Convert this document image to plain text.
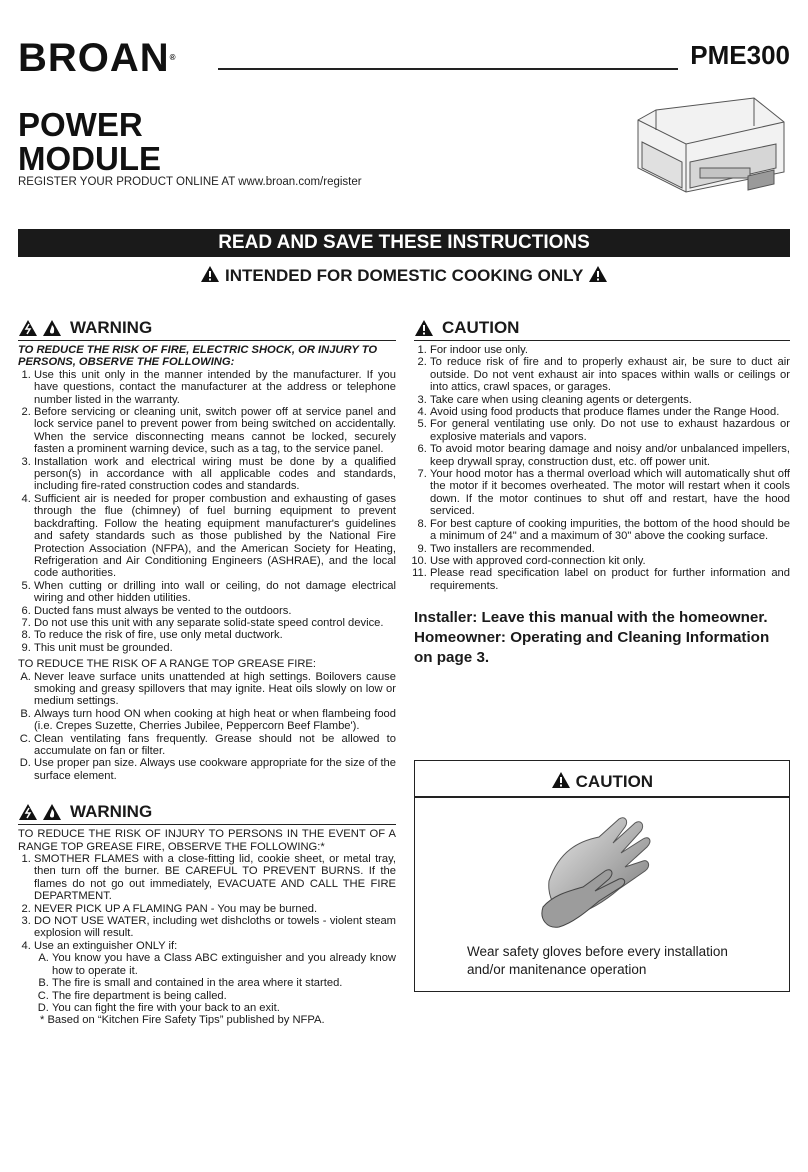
BROAN®	PME300
POWER
MODULE
REGISTER YOUR PRODUCT ONLINE AT www.broan.com/register
READ AND SAVE THESE INSTRUCTIONS
INTENDED FOR DOMESTIC COOKING ONLY
WARNING
TO REDUCE THE RISK OF FIRE, ELECTRIC SHOCK, OR INJURY TO PERSONS, OBSERVE THE FOLLOWING:
1. Use this unit only in the manner intended by the manufacturer. If you have questions, contact the manufacturer at the address or telephone number listed in the warranty.
2. Before servicing or cleaning unit, switch power off at service panel and lock service panel to prevent power from being switched on accidentally. When the service disconnecting means cannot be locked, securely fasten a prominent warning device, such as a tag, to the service panel.
3. Installation work and electrical wiring must be done by a qualified person(s) in accordance with all applicable codes and standards, including fire-rated construction codes and standards.
4. Sufficient air is needed for proper combustion and exhausting of gases through the flue (chimney) of fuel burning equipment to prevent backdrafting. Follow the heating equipment manufacturer's guidelines and safety standards such as those published by the National Fire Protection Association (NFPA), and the American Society for Heating, Refrigeration and Air Conditioning Engineers (ASHRAE), and the local code authorities.
5. When cutting or drilling into wall or ceiling, do not damage electrical wiring and other hidden utilities.
6. Ducted fans must always be vented to the outdoors.
7. Do not use this unit with any separate solid-state speed control device.
8. To reduce the risk of fire, use only metal ductwork.
9. This unit must be grounded.
TO REDUCE THE RISK OF A RANGE TOP GREASE FIRE:
A. Never leave surface units unattended at high settings. Boilovers cause smoking and greasy spillovers that may ignite. Heat oils slowly on low or medium settings.
B. Always turn hood ON when cooking at high heat or when flambeing food (i.e. Crepes Suzette, Cherries Jubilee, Peppercorn Beef Flambe').
C. Clean ventilating fans frequently. Grease should not be allowed to accumulate on fan or filter.
D. Use proper pan size. Always use cookware appropriate for the size of the surface element.
WARNING
TO REDUCE THE RISK OF INJURY TO PERSONS IN THE EVENT OF A RANGE TOP GREASE FIRE, OBSERVE THE FOLLOWING:*
1. SMOTHER FLAMES with a close-fitting lid, cookie sheet, or metal tray, then turn off the burner. BE CAREFUL TO PREVENT BURNS. If the flames do not go out immediately, EVACUATE AND CALL THE FIRE DEPARTMENT.
2. NEVER PICK UP A FLAMING PAN - You may be burned.
3. DO NOT USE WATER, including wet dishcloths or towels - violent steam explosion will result.
4. Use an extinguisher ONLY if:
A. You know you have a Class ABC extinguisher and you already know how to operate it.
B. The fire is small and contained in the area where it started.
C. The fire department is being called.
D. You can fight the fire with your back to an exit.
* Based on “Kitchen Fire Safety Tips” published by NFPA.
CAUTION
1. For indoor use only.
2. To reduce risk of fire and to properly exhaust air, be sure to duct air outside. Do not vent exhaust air into spaces within walls or ceilings or into attics, crawl spaces, or garages.
3. Take care when using cleaning agents or detergents.
4. Avoid using food products that produce flames under the Range Hood.
5. For general ventilating use only. Do not use to exhaust hazardous or explosive materials and vapors.
6. To avoid motor bearing damage and noisy and/or unbalanced impellers, keep drywall spray, construction dust, etc. off power unit.
7. Your hood motor has a thermal overload which will automatically shut off the motor if it becomes overheated. The motor will restart when it cools down. If the motor continues to shut off and restart, have the hood serviced.
8. For best capture of cooking impurities, the bottom of the hood should be a minimum of 24" and a maximum of 30" above the cooking surface.
9. Two installers are recommended.
10. Use with approved cord-connection kit only.
11. Please read specification label on product for further information and requirements.
Installer: Leave this manual with the homeowner. Homeowner: Operating and Cleaning Information on page 3.
CAUTION
Wear safety gloves before every installation
and/or manitenance operation
